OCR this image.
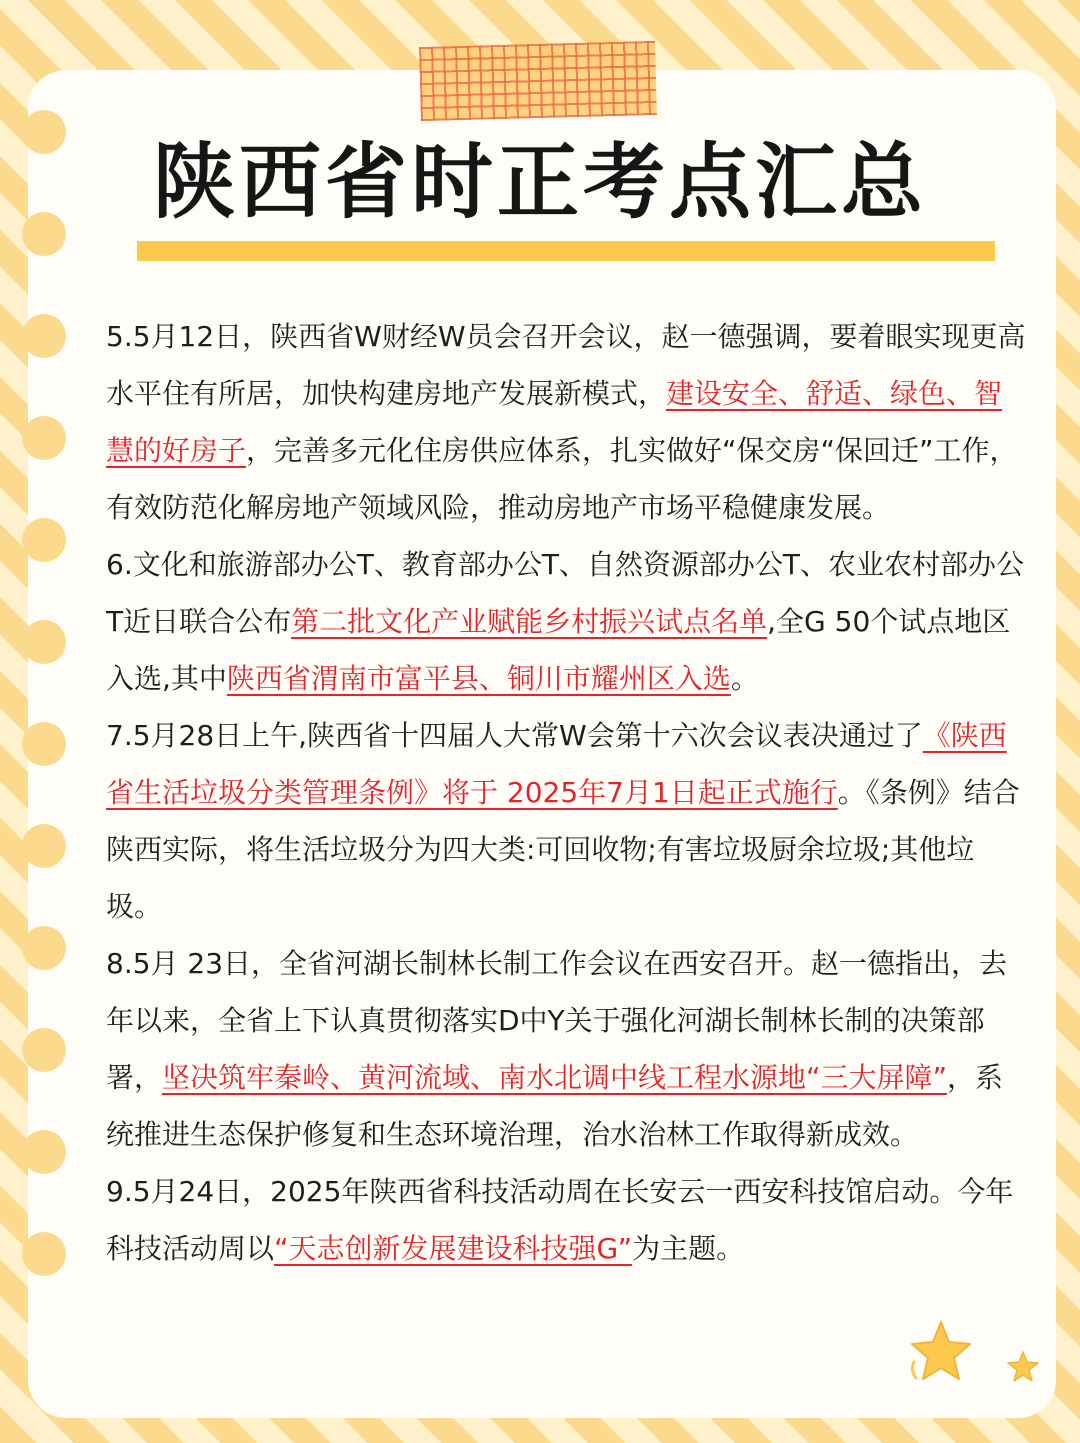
陕西省时正考点汇总

5.5月12日，陕西省W财经W员会召开会议，赵一德强调，要着眼实现更高水平住有所居，加快构建房地产发展新模式，建设安全、舒适、绿色、智慧的好房子，完善多元化住房供应体系，扎实做好“保交房“保回迁”工作，有效防范化解房地产领域风险，推动房地产市场平稳健康发展。

6.文化和旅游部办公T、教育部办公T、自然资源部办公T、农业农村部办公T近日联合公布第二批文化产业赋能乡村振兴试点名单,全G 50个试点地区入选,其中陕西省渭南市富平县、铜川市耀州区入选。

7.5月28日上午,陕西省十四届人大常W会第十六次会议表决通过了《陕西省生活垃圾分类管理条例》将于 2025年7月1日起正式施行。《条例》结合陕西实际，将生活垃圾分为四大类:可回收物;有害垃圾厨余垃圾;其他垃圾。

8.5月 23日，全省河湖长制林长制工作会议在西安召开。赵一德指出，去年以来，全省上下认真贯彻落实D中Y关于强化河湖长制林长制的决策部署，坚决筑牢秦岭、黄河流域、南水北调中线工程水源地“三大屏障”，系统推进生态保护修复和生态环境治理，治水治林工作取得新成效。

9.5月24日，2025年陕西省科技活动周在长安云一西安科技馆启动。今年科技活动周以“天志创新发展建设科技强G”为主题。
